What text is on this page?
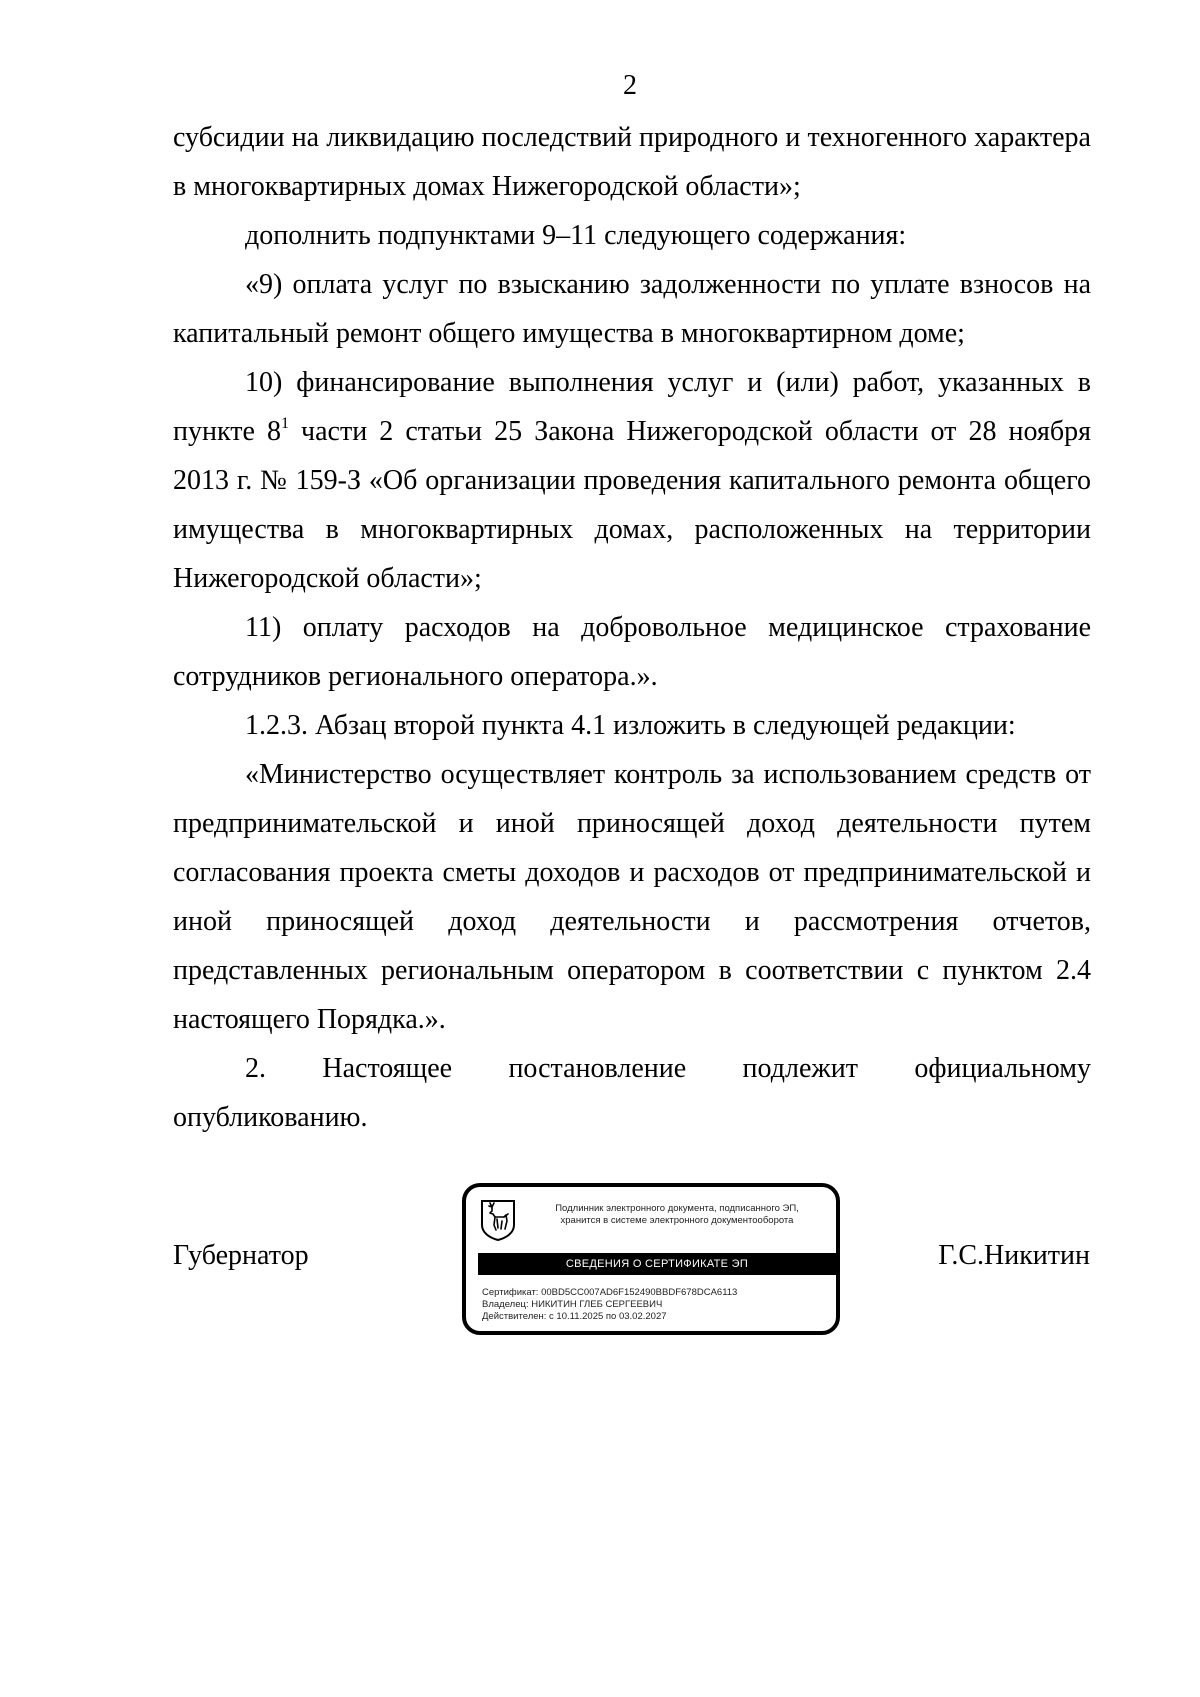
2

субсидии на ликвидацию последствий природного и техногенного характера в многоквартирных домах Нижегородской области»;

дополнить подпунктами 9–11 следующего содержания:

«9) оплата услуг по взысканию задолженности по уплате взносов на капитальный ремонт общего имущества в многоквартирном доме;

10) финансирование выполнения услуг и (или) работ, указанных в пункте $8^1$ части 2 статьи 25 Закона Нижегородской области от 28 ноября 2013 г. № 159-З «Об организации проведения капитального ремонта общего имущества в многоквартирных домах, расположенных на территории Нижегородской области»;

11) оплату расходов на добровольное медицинское страхование сотрудников регионального оператора.».

1.2.3. Абзац второй пункта 4.1 изложить в следующей редакции:

«Министерство осуществляет контроль за использованием средств от предпринимательской и иной приносящей доход деятельности путем согласования проекта сметы доходов и расходов от предпринимательской и иной приносящей доход деятельности и рассмотрения отчетов, представленных региональным оператором в соответствии с пунктом 2.4 настоящего Порядка.».

2. Настоящее постановление подлежит официальному опубликованию.

Губернатор	Г.С.Никитин
Подлинник электронного документа, подписанного ЭП,
хранится в системе электронного документооборота
СВЕДЕНИЯ О СЕРТИФИКАТЕ ЭП
Сертификат: 00BD5CC007AD6F152490BBDF678DCA6113
Владелец: НИКИТИН ГЛЕБ СЕРГЕЕВИЧ
Действителен: с 10.11.2025 по 03.02.2027
